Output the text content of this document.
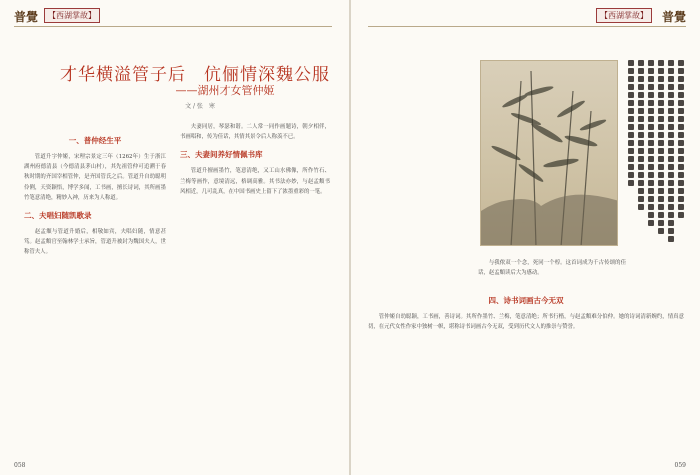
普覺	【西湖掌故】	【西湖掌故】	普覺
才华横溢管子后　伉俪情深魏公服
——湖州才女管仲姬
文 / 张　寒
一、普仲经生平

管道升字仲姬，宋理宗景定三年（1262年）生于浙江湖州府德清县（今德清县茅山村），其先祖管仲可追溯于春秋时期的齐国宰相管仲，是齐国管氏之后。管道升自幼聪明伶俐，天资颖悟，博学多闻，工书画，擅长诗词，其所画墨竹笔意清绝，精妙入神，历来为人称道。

二、夫唱妇随凯歌录

赵孟頫与管道升婚后，相敬如宾，夫唱妇随，情意甚笃。赵孟頫官至翰林学士承旨，管道升被封为魏国夫人，世称管夫人。

夫妻同居，琴瑟和谐。二人常一同作画题诗，朝夕相伴，书画唱和，传为佳话，其情其景令后人称羡不已。

三、夫妻间养好情佩书库

管道升擅画墨竹，笔意清绝，又工山水佛像，所作竹石、兰梅等画作，意境清远，格调高雅。其书法亦妙，与赵孟頫书风相近，几可乱真，在中国书画史上留下了浓墨重彩的一笔。

与我侬双一个念，死同一个椁。这首词成为千古传颂的佳话，赵孟頫读后大为感动。

四、诗书词画古今无双

管仲姬自幼聪颖，工书画，善诗词。其所作墨竹、兰梅，笔意清绝；所书行楷，与赵孟頫难分伯仲。她的诗词清新婉约，情真意切，在元代女性作家中独树一帜，堪称诗书词画古今无双，受到历代文人的推崇与赞誉。

058	059
